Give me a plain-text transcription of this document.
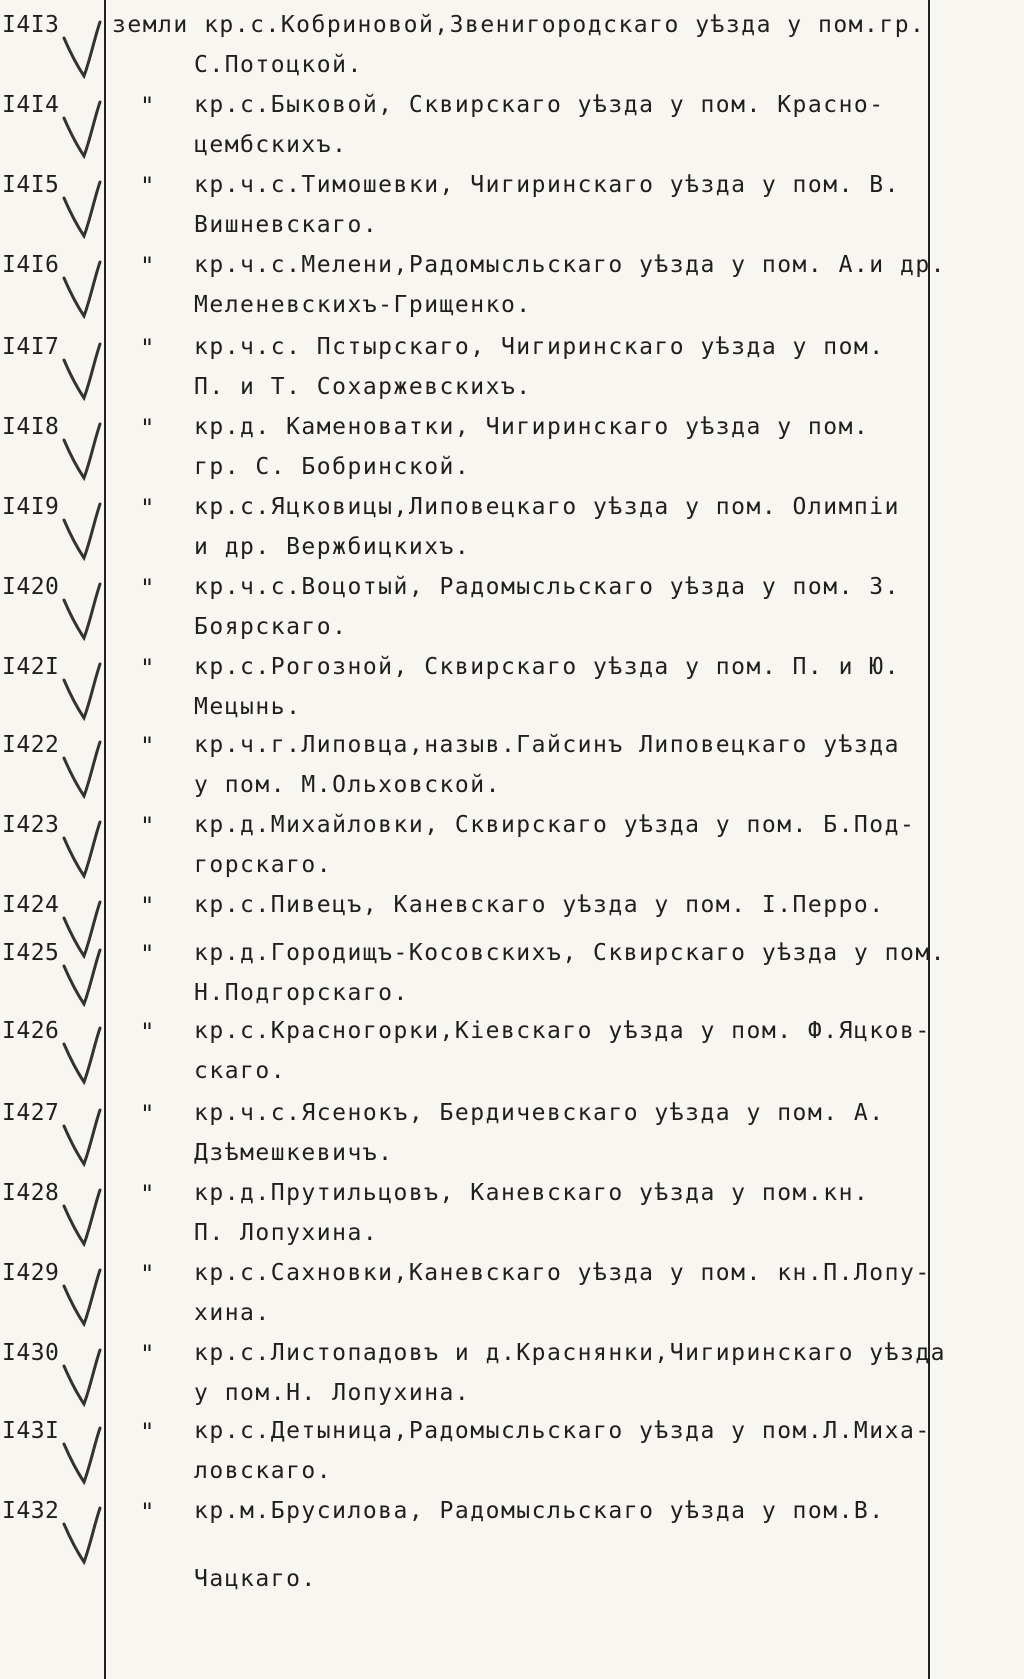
I4I3 земли кр.с.Кобриновой,Звенигородскаго уѣзда у пом.гр.
С.Потоцкой.
I4I4	" кр.с.Быковой, Сквирскаго уѣзда у пом. Красно-
цембскихъ.
I4I5	" кр.ч.с.Тимошевки, Чигиринскаго уѣзда у пом. В.
Вишневскаго.
I4I6	" кр.ч.с.Мелени,Радомысльскаго уѣзда у пом. А.и др.
Меленевскихъ-Грищенко.
I4I7	" кр.ч.с. Пстырскаго, Чигиринскаго уѣзда у пом.
П. и Т. Сохаржевскихъ.
I4I8	" кр.д. Каменоватки, Чигиринскаго уѣзда у пом.
гр. С. Бобринской.
I4I9	" кр.с.Яцковицы,Липовецкаго уѣзда у пом. Олимпіи
и др. Вержбицкихъ.
I420	" кр.ч.с.Воцотый, Радомысльскаго уѣзда у пом. З.
Боярскаго.
I42I	" кр.с.Рогозной, Сквирскаго уѣзда у пом. П. и Ю.
Мецынь.
I422	" кр.ч.г.Липовца,назыв.Гайсинъ Липовецкаго уѣзда
у пом. М.Ольховской.
I423	" кр.д.Михайловки, Сквирскаго уѣзда у пом. Б.Под-
горскаго.
I424	" кр.с.Пивецъ, Каневскаго уѣзда у пом. I.Перро.
I425	" кр.д.Городищъ-Косовскихъ, Сквирскаго уѣзда у пом.
Н.Подгорскаго.
I426	" кр.с.Красногорки,Кіевскаго уѣзда у пом. Ф.Яцков-
скаго.
I427	" кр.ч.с.Ясенокъ, Бердичевскаго уѣзда у пом. А.
Дзѣмешкевичъ.
I428	" кр.д.Прутильцовъ, Каневскаго уѣзда у пом.кн.
П. Лопухина.
I429	" кр.с.Сахновки,Каневскаго уѣзда у пом. кн.П.Лопу-
хина.
I430	" кр.с.Листопадовъ и д.Краснянки,Чигиринскаго уѣзда
у пом.Н. Лопухина.
I43I	" кр.с.Детыница,Радомысльскаго уѣзда у пом.Л.Миха-
ловскаго.
I432	" кр.м.Брусилова, Радомысльскаго уѣзда у пом.В.
Чацкаго.
